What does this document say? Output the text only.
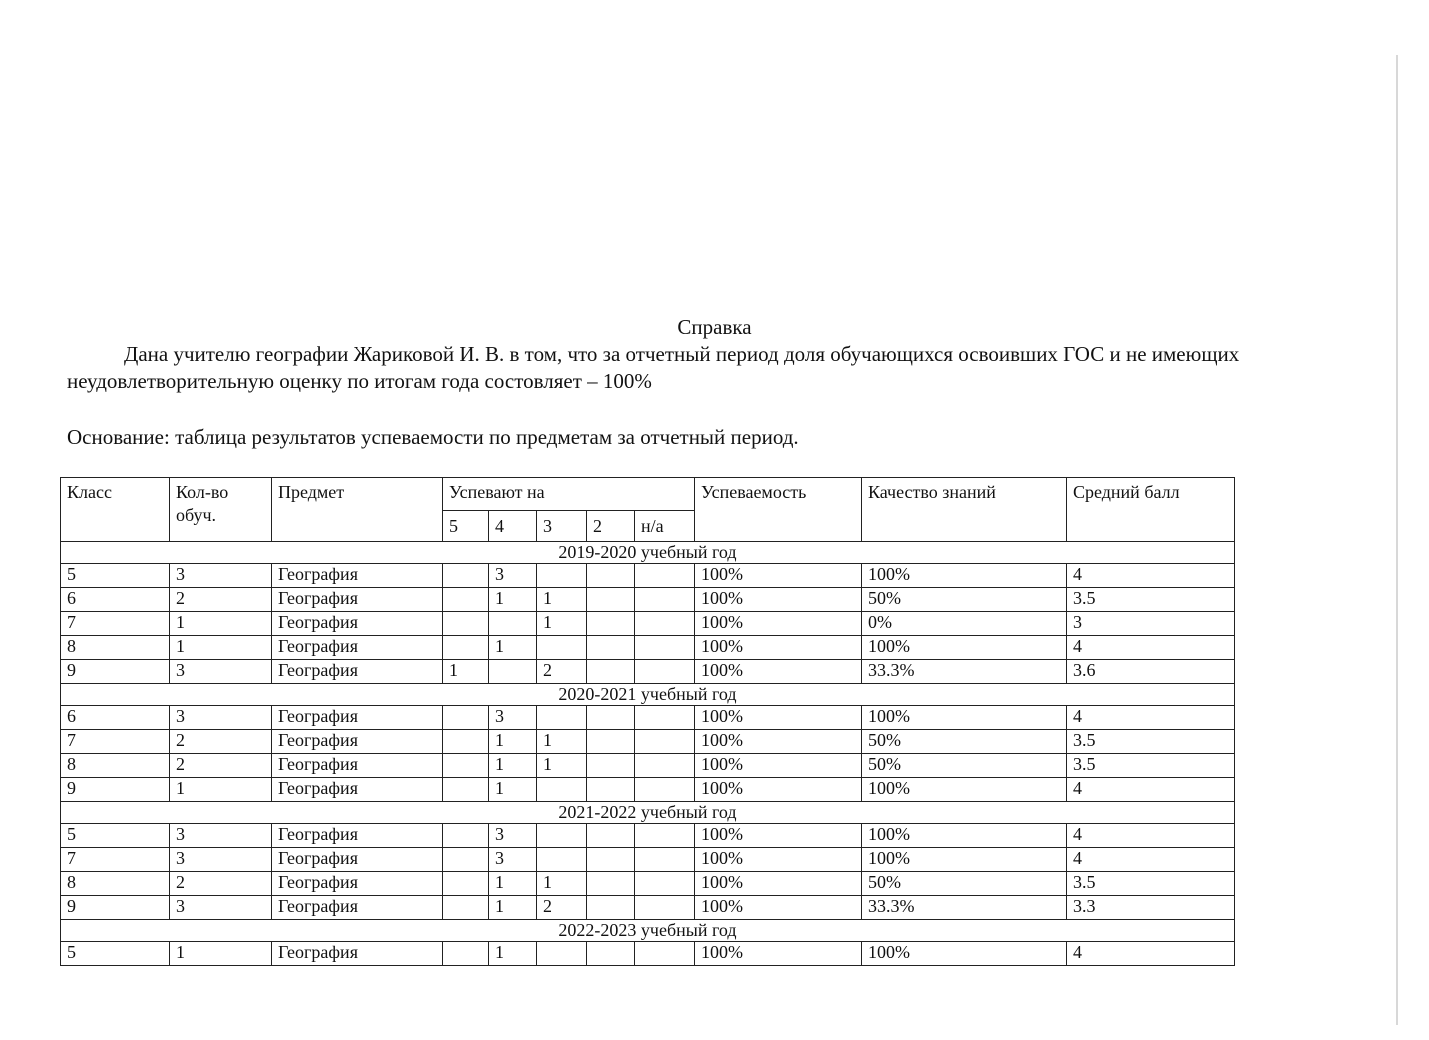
Справка
Дана учителю географии Жариковой И. В. в том, что за отчетный период доля обучающихся освоивших ГОС и не имеющих неудовлетворительную оценку по итогам года состовляет – 100%
Основание: таблица результатов успеваемости по предметам за отчетный период.
Класс	Кол-во обуч.	Предмет	Успевают на					Успеваемость	Качество знаний	Средний балл
			5	4	3	2	н/а			
2019-2020 учебный год										
5	3	География		3				100%	100%	4
6	2	География		1	1			100%	50%	3.5
7	1	География			1			100%	0%	3
8	1	География		1				100%	100%	4
9	3	География	1		2			100%	33.3%	3.6
2020-2021 учебный год										
6	3	География		3				100%	100%	4
7	2	География		1	1			100%	50%	3.5
8	2	География		1	1			100%	50%	3.5
9	1	География		1				100%	100%	4
2021-2022 учебный год										
5	3	География		3				100%	100%	4
7	3	География		3				100%	100%	4
8	2	География		1	1			100%	50%	3.5
9	3	География		1	2			100%	33.3%	3.3
2022-2023 учебный год										
5	1	География		1				100%	100%	4
